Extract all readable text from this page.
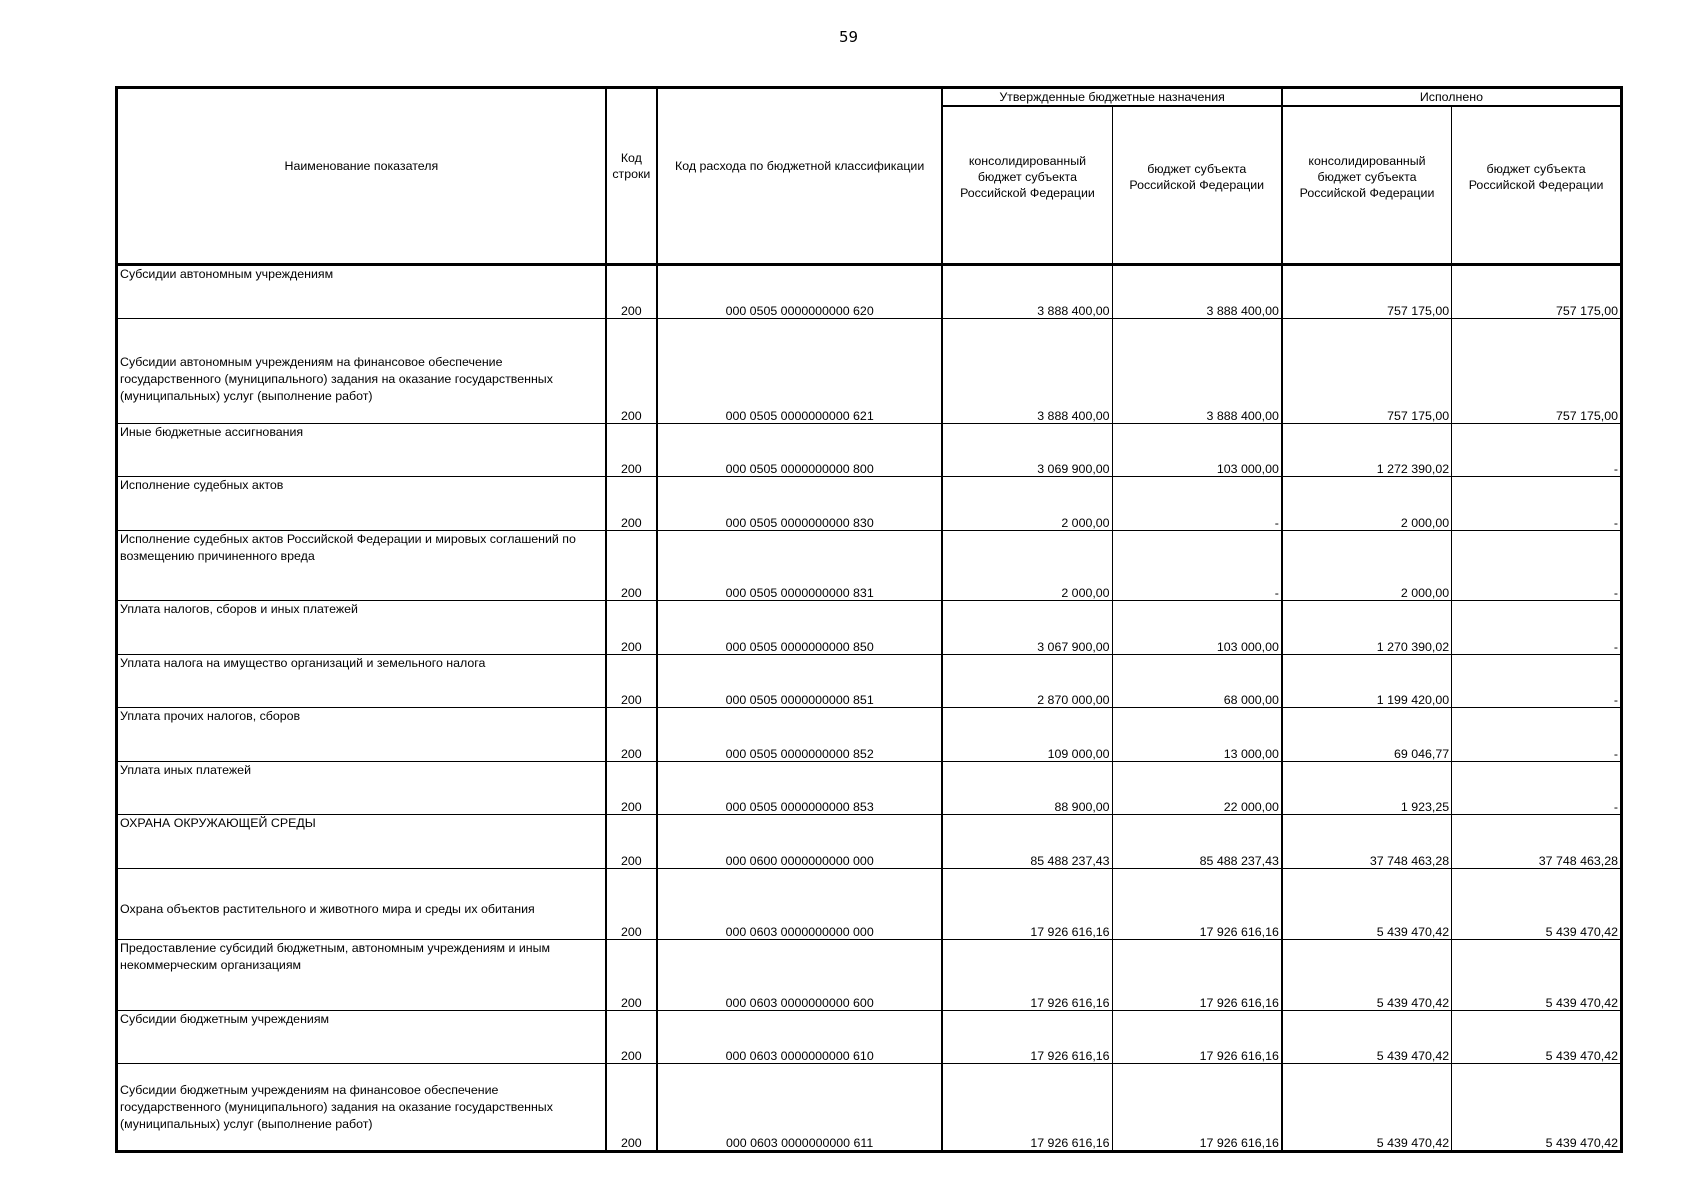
59
Наименование показателя	Код строки	Код расхода по бюджетной классификации	Утвержденные бюджетные назначения		Исполнено	
			консолидированный бюджет субъекта Российской Федерации	бюджет субъекта Российской Федерации	консолидированный бюджет субъекта Российской Федерации	бюджет субъекта Российской Федерации
Субсидии автономным учреждениям	200	000 0505 0000000000 620	3 888 400,00	3 888 400,00	757 175,00	757 175,00
Субсидии автономным учреждениям на финансовое обеспечение государственного (муниципального) задания на оказание государственных (муниципальных) услуг (выполнение работ)	200	000 0505 0000000000 621	3 888 400,00	3 888 400,00	757 175,00	757 175,00
Иные бюджетные ассигнования	200	000 0505 0000000000 800	3 069 900,00	103 000,00	1 272 390,02	-
Исполнение судебных актов	200	000 0505 0000000000 830	2 000,00	-	2 000,00	-
Исполнение судебных актов Российской Федерации и мировых соглашений по возмещению причиненного вреда	200	000 0505 0000000000 831	2 000,00	-	2 000,00	-
Уплата налогов, сборов и иных платежей	200	000 0505 0000000000 850	3 067 900,00	103 000,00	1 270 390,02	-
Уплата налога на имущество организаций и земельного налога	200	000 0505 0000000000 851	2 870 000,00	68 000,00	1 199 420,00	-
Уплата прочих налогов, сборов	200	000 0505 0000000000 852	109 000,00	13 000,00	69 046,77	-
Уплата иных платежей	200	000 0505 0000000000 853	88 900,00	22 000,00	1 923,25	-
ОХРАНА ОКРУЖАЮЩЕЙ СРЕДЫ	200	000 0600 0000000000 000	85 488 237,43	85 488 237,43	37 748 463,28	37 748 463,28
Охрана объектов растительного и животного мира и среды их обитания	200	000 0603 0000000000 000	17 926 616,16	17 926 616,16	5 439 470,42	5 439 470,42
Предоставление субсидий бюджетным, автономным учреждениям и иным некоммерческим организациям	200	000 0603 0000000000 600	17 926 616,16	17 926 616,16	5 439 470,42	5 439 470,42
Субсидии бюджетным учреждениям	200	000 0603 0000000000 610	17 926 616,16	17 926 616,16	5 439 470,42	5 439 470,42
Субсидии бюджетным учреждениям на финансовое обеспечение государственного (муниципального) задания на оказание государственных (муниципальных) услуг (выполнение работ)	200	000 0603 0000000000 611	17 926 616,16	17 926 616,16	5 439 470,42	5 439 470,42
